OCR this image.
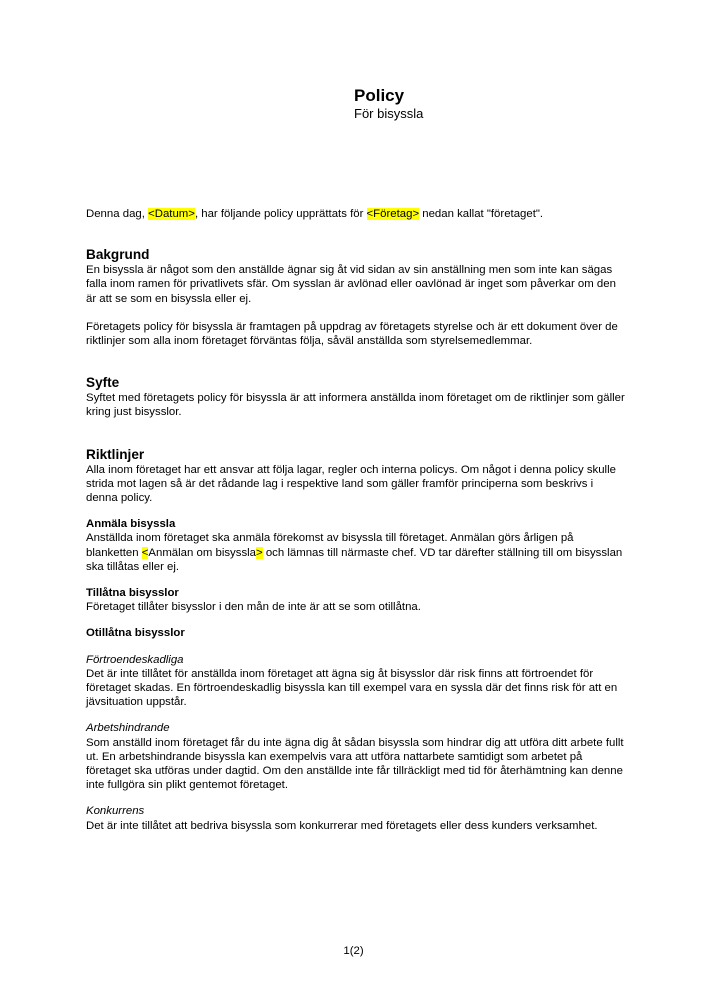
Policy
För bisyssla

Denna dag, <Datum>, har följande policy upprättats för <Företag> nedan kallat "företaget".

Bakgrund

En bisyssla är något som den anställde ägnar sig åt vid sidan av sin anställning men som inte kan sägas falla inom ramen för privatlivets sfär. Om sysslan är avlönad eller oavlönad är inget som påverkar om den är att se som en bisyssla eller ej.

Företagets policy för bisyssla är framtagen på uppdrag av företagets styrelse och är ett dokument över de riktlinjer som alla inom företaget förväntas följa, såväl anställda som styrelsemedlemmar.

Syfte

Syftet med företagets policy för bisyssla är att informera anställda inom företaget om de riktlinjer som gäller kring just bisysslor.

Riktlinjer

Alla inom företaget har ett ansvar att följa lagar, regler och interna policys. Om något i denna policy skulle strida mot lagen så är det rådande lag i respektive land som gäller framför principerna som beskrivs i denna policy.

Anmäla bisyssla

Anställda inom företaget ska anmäla förekomst av bisyssla till företaget. Anmälan görs årligen på blanketten <Anmälan om bisyssla> och lämnas till närmaste chef. VD tar därefter ställning till om bisysslan ska tillåtas eller ej.

Tillåtna bisysslor

Företaget tillåter bisysslor i den mån de inte är att se som otillåtna.

Otillåtna bisysslor
Förtroendeskadliga

Det är inte tillåtet för anställda inom företaget att ägna sig åt bisysslor där risk finns att förtroendet för företaget skadas. En förtroendeskadlig bisyssla kan till exempel vara en syssla där det finns risk för att en jävsituation uppstår.

Arbetshindrande

Som anställd inom företaget får du inte ägna dig åt sådan bisyssla som hindrar dig att utföra ditt arbete fullt ut. En arbetshindrande bisyssla kan exempelvis vara att utföra nattarbete samtidigt som arbetet på företaget ska utföras under dagtid. Om den anställde inte får tillräckligt med tid för återhämtning kan denne inte fullgöra sin plikt gentemot företaget.

Konkurrens

Det är inte tillåtet att bedriva bisyssla som konkurrerar med företagets eller dess kunders verksamhet.

1(2)
